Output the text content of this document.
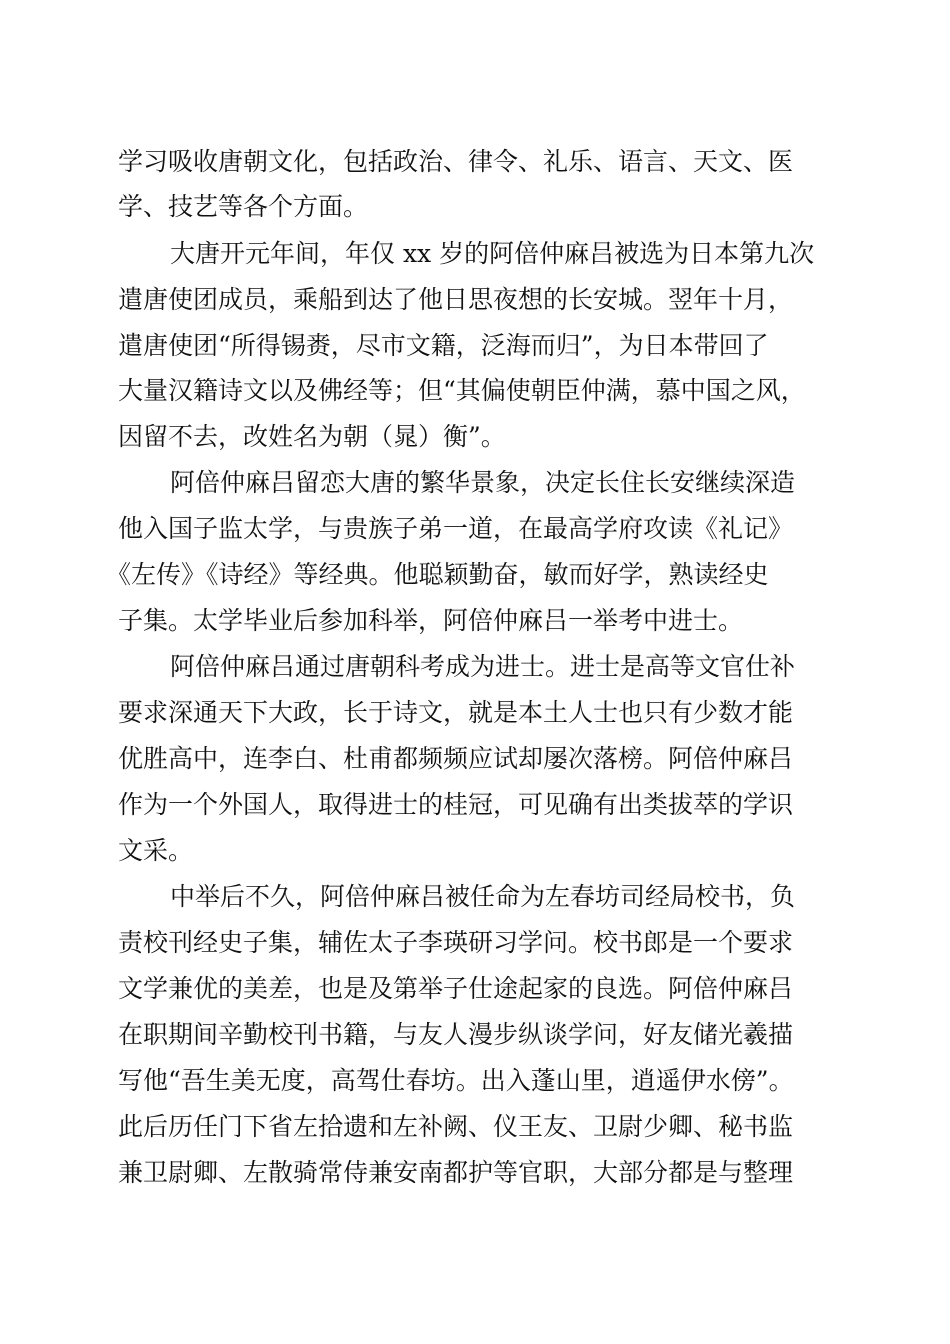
学习吸收唐朝文化，包括政治、律令、礼乐、语言、天文、医

学、技艺等各个方面。

大唐开元年间，年仅 xx 岁的阿倍仲麻吕被选为日本第九次

遣唐使团成员，乘船到达了他日思夜想的长安城。翌年十月，

遣唐使团“所得锡赉，尽市文籍，泛海而归”，为日本带回了

大量汉籍诗文以及佛经等；但“其偏使朝臣仲满，慕中国之风，

因留不去，改姓名为朝（晁）衡”。

阿倍仲麻吕留恋大唐的繁华景象，决定长住长安继续深造

他入国子监太学，与贵族子弟一道，在最高学府攻读《礼记》

《左传》《诗经》等经典。他聪颖勤奋，敏而好学，熟读经史

子集。太学毕业后参加科举，阿倍仲麻吕一举考中进士。

阿倍仲麻吕通过唐朝科考成为进士。进士是高等文官仕补

要求深通天下大政，长于诗文，就是本土人士也只有少数才能

优胜高中，连李白、杜甫都频频应试却屡次落榜。阿倍仲麻吕

作为一个外国人，取得进士的桂冠，可见确有出类拔萃的学识

文采。

中举后不久，阿倍仲麻吕被任命为左春坊司经局校书，负

责校刊经史子集，辅佐太子李瑛研习学问。校书郎是一个要求

文学兼优的美差，也是及第举子仕途起家的良选。阿倍仲麻吕

在职期间辛勤校刊书籍，与友人漫步纵谈学问，好友储光羲描

写他“吾生美无度，高驾仕春坊。出入蓬山里，逍遥伊水傍”。

此后历任门下省左拾遗和左补阙、仪王友、卫尉少卿、秘书监

兼卫尉卿、左散骑常侍兼安南都护等官职，大部分都是与整理
